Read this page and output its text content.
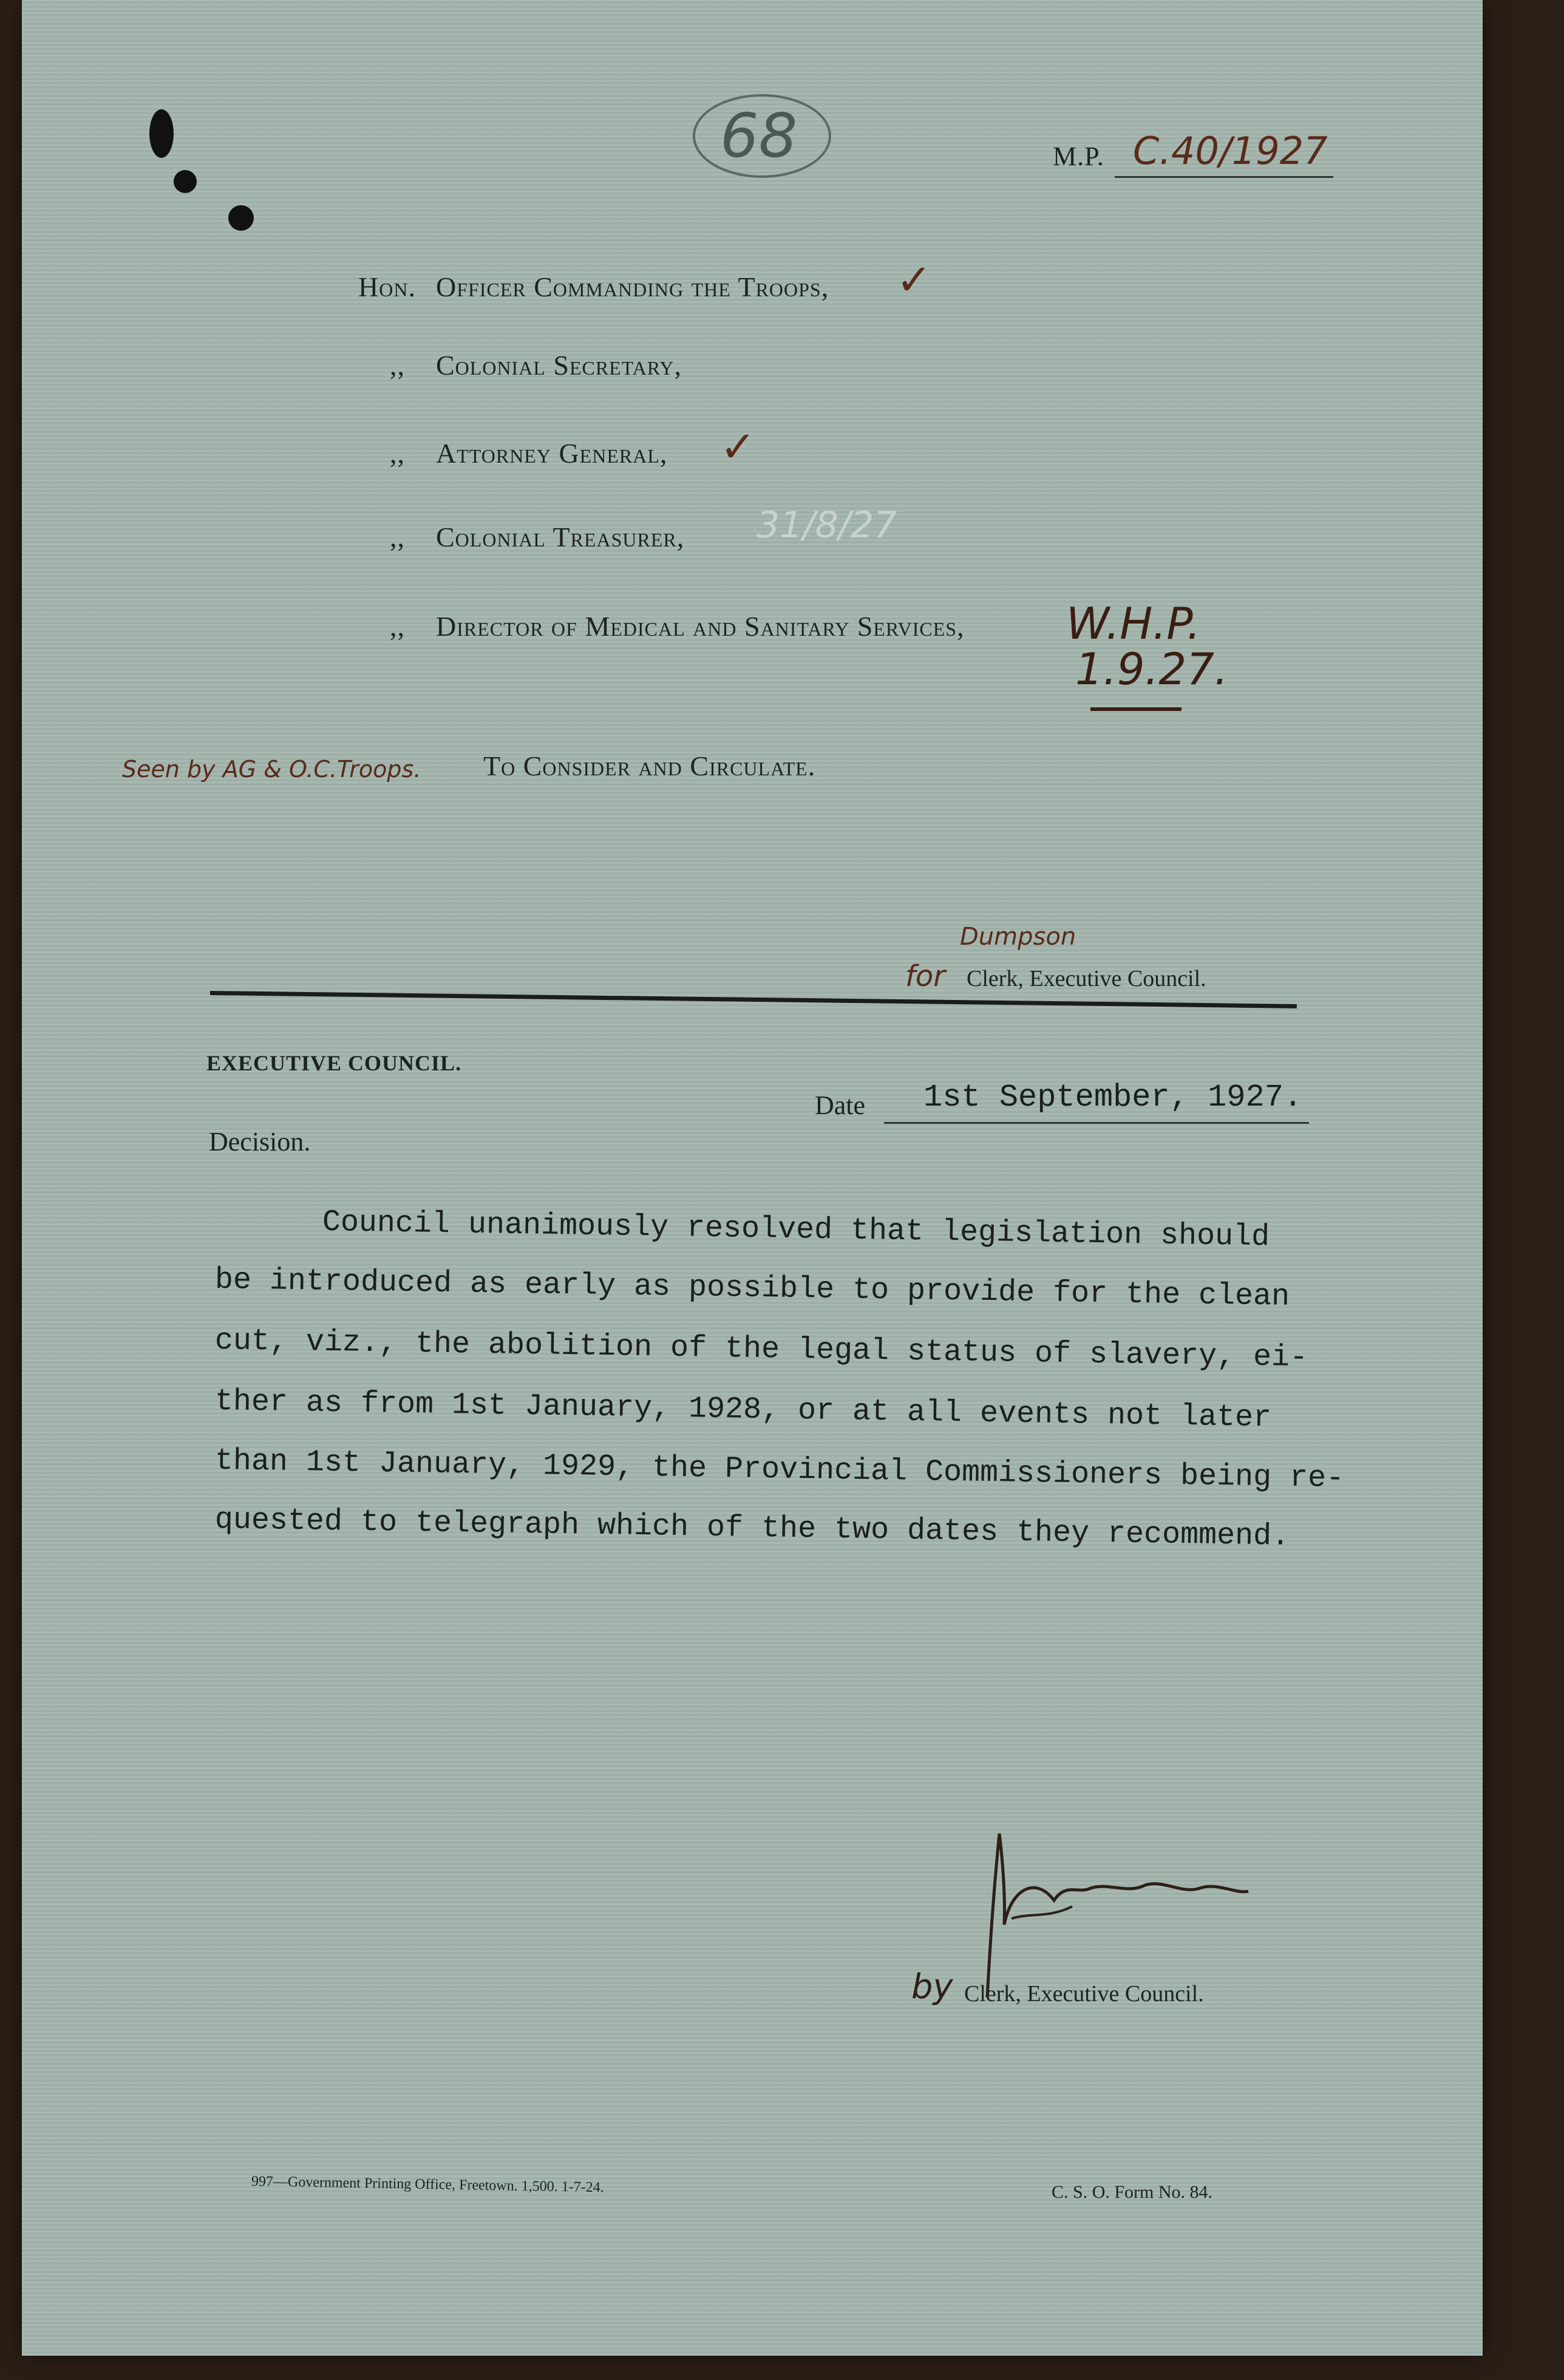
68	M.P. C.40/1927
Hon. Officer Commanding the Troops, ✓
,, Colonial Secretary,
,, Attorney General, ✓
,, Colonial Treasurer, 31/8/27
,, Director of Medical and Sanitary Services, W.H.P.
1.9.27.
Seen by AG & O.C.Troops. To Consider and Circulate.
Dumpson
for Clerk, Executive Council.
EXECUTIVE COUNCIL.
Date 1st September, 1927.
Decision.
Council unanimously resolved that legislation should
be introduced as early as possible to provide for the clean
cut, viz., the abolition of the legal status of slavery, ei-
ther as from 1st January, 1928, or at all events not later
than 1st January, 1929, the Provincial Commissioners being re-
quested to telegraph which of the two dates they recommend.
by Clerk, Executive Council.
997—Government Printing Office, Freetown. 1,500. 1-7-24.	C. S. O. Form No. 84.
